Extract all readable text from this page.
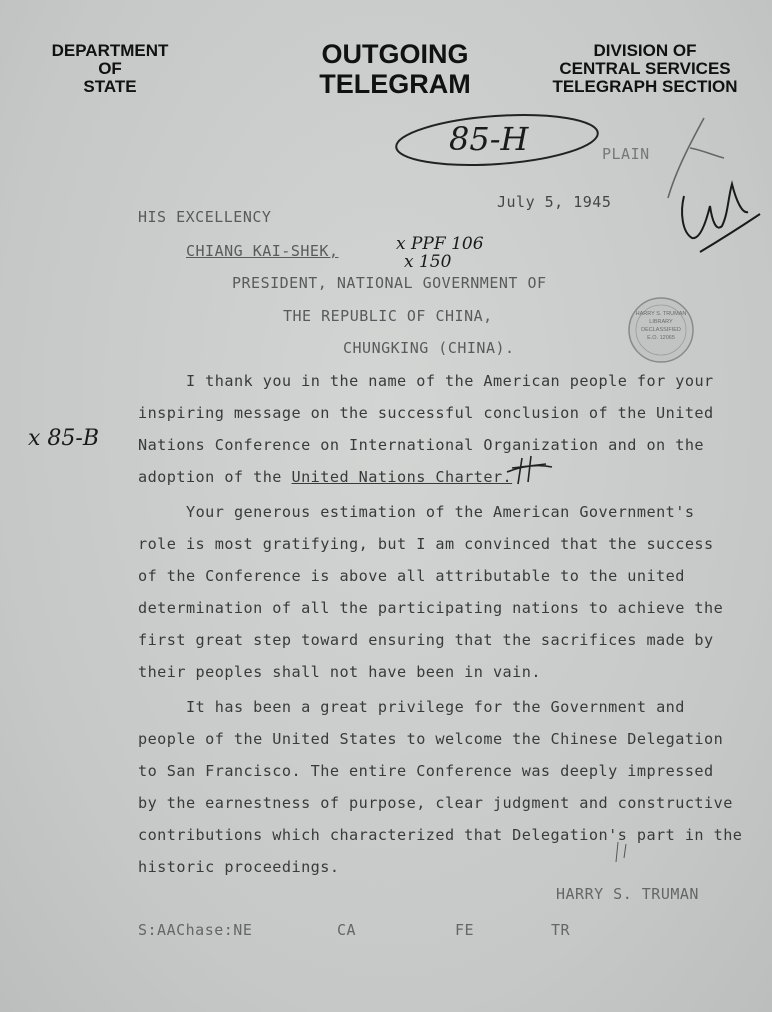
DEPARTMENT
OF
STATE
OUTGOING
TELEGRAM
DIVISION OF
CENTRAL SERVICES
TELEGRAPH SECTION
HARRY S. TRUMAN
LIBRARY
DECLASSIFIED
E.O. 12065
85-H
x PPF 106
x 150
x 85-B
PLAIN
July 5, 1945
HIS EXCELLENCY
CHIANG KAI-SHEK,
PRESIDENT, NATIONAL GOVERNMENT OF
THE REPUBLIC OF CHINA,
CHUNGKING (CHINA).
I thank you in the name of the American people for your
inspiring message on the successful conclusion of the United
Nations Conference on International Organization and on the
adoption of the United Nations Charter.
Your generous estimation of the American Government's
role is most gratifying, but I am convinced that the success
of the Conference is above all attributable to the united
determination of all the participating nations to achieve the
first great step toward ensuring that the sacrifices made by
their peoples shall not have been in vain.
It has been a great privilege for the Government and
people of the United States to welcome the Chinese Delegation
to San Francisco. The entire Conference was deeply impressed
by the earnestness of purpose, clear judgment and constructive
contributions which characterized that Delegation's part in the
historic proceedings.
HARRY S. TRUMAN
S:AAChase:NE	CA	FE	TR
